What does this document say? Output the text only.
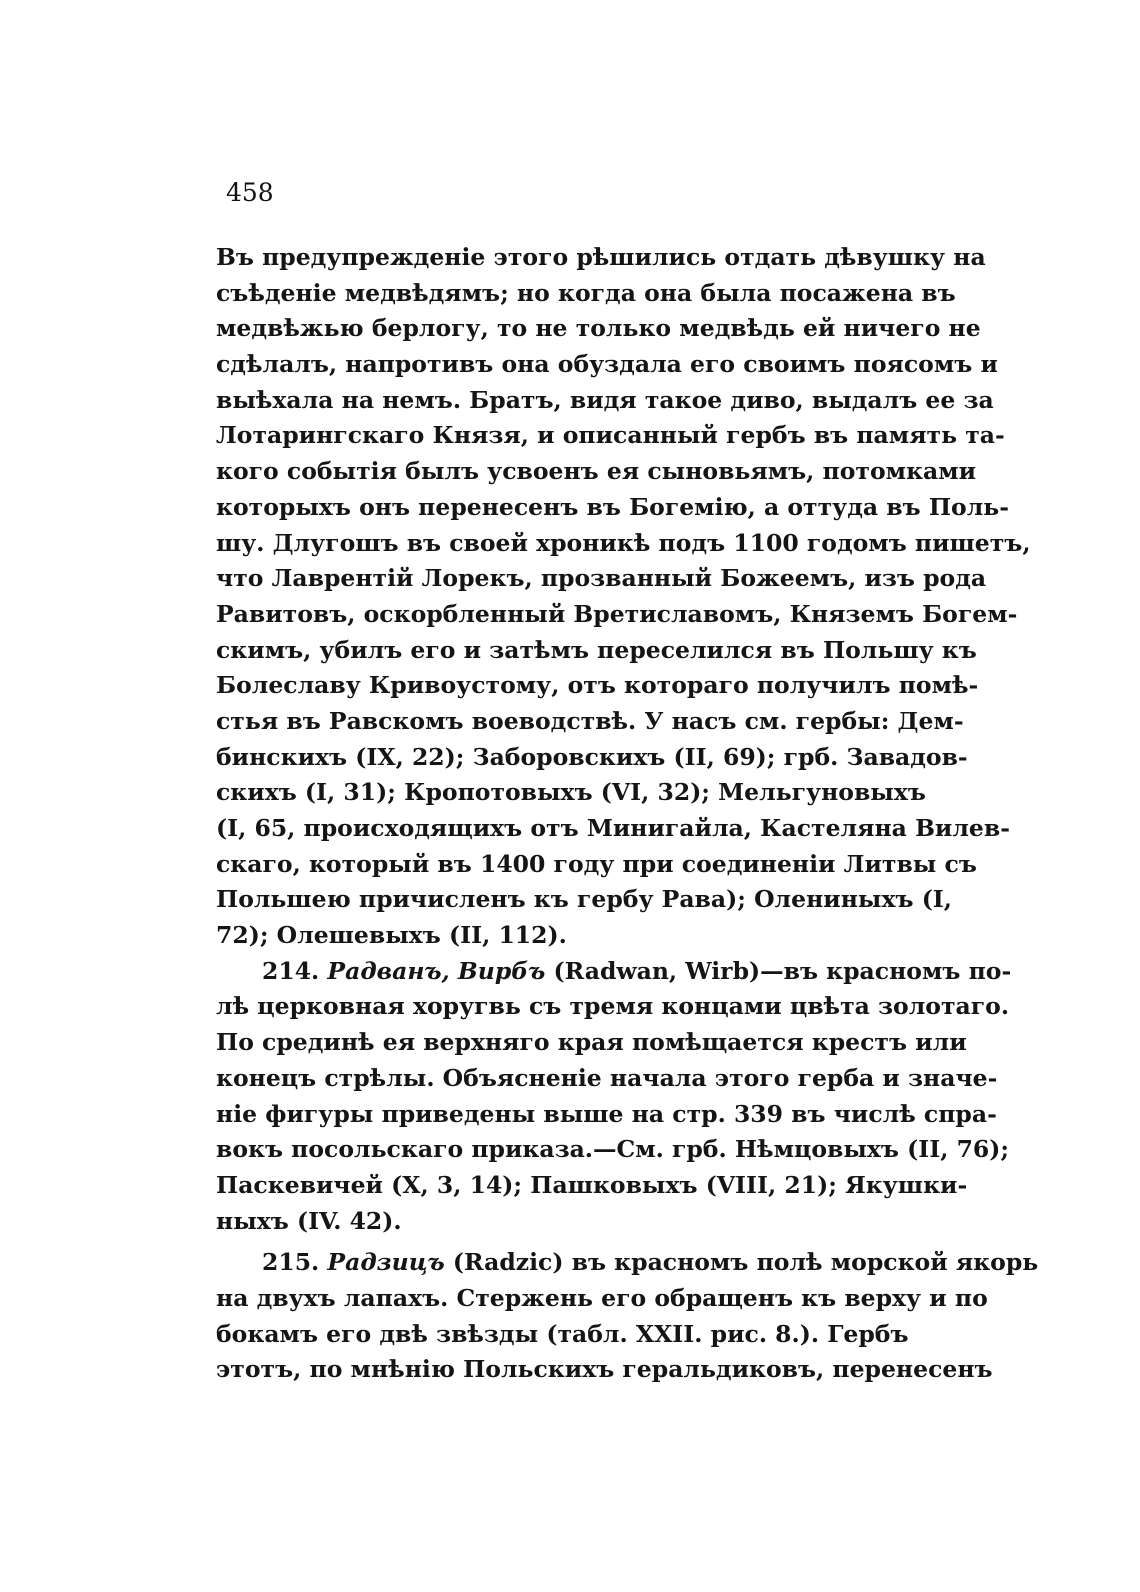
458
Въ предупрежденіе этого рѣшились отдать дѣвушку на
съѣденіе медвѣдямъ; но когда она была посажена въ
медвѣжью берлогу, то не только медвѣдь ей ничего не
сдѣлалъ, напротивъ она обуздала его своимъ поясомъ и
выѣхала на немъ. Братъ, видя такое диво, выдалъ ее за
Лотарингскаго Князя, и описанный гербъ въ память та-
кого событія былъ усвоенъ ея сыновьямъ, потомками
которыхъ онъ перенесенъ въ Богемію, а оттуда въ Поль-
шу. Длугошъ въ своей хроникѣ подъ 1100 годомъ пишетъ,
что Лаврентій Лорекъ, прозванный Божеемъ, изъ рода
Равитовъ, оскорбленный Вретиславомъ, Княземъ Богем-
скимъ, убилъ его и затѣмъ переселился въ Польшу къ
Болеславу Кривоустому, отъ котораго получилъ помѣ-
стья въ Равскомъ воеводствѣ. У насъ см. гербы: Дем-
бинскихъ (IX, 22); Заборовскихъ (II, 69); грб. Завадов-
скихъ (I, 31); Кропотовыхъ (VI, 32); Мельгуновыхъ
(I, 65, происходящихъ отъ Минигайла, Кастеляна Вилев-
скаго, который въ 1400 году при соединеніи Литвы съ
Польшею причисленъ къ гербу Рава); Олениныхъ (I,
72); Олешевыхъ (II, 112).
214. Радванъ, Вирбъ (Radwan, Wirb)—въ красномъ по-
лѣ церковная хоругвь съ тремя концами цвѣта золотаго.
По срединѣ ея верхняго края помѣщается крестъ или
конецъ стрѣлы. Объясненіе начала этого герба и значе-
ніе фигуры приведены выше на стр. 339 въ числѣ спра-
вокъ посольскаго приказа.—См. грб. Нѣмцовыхъ (II, 76);
Паскевичей (X, 3, 14); Пашковыхъ (VIII, 21); Якушки-
ныхъ (IV. 42).
215. Радзицъ (Radzic) въ красномъ полѣ морской якорь
на двухъ лапахъ. Стержень его обращенъ къ верху и по
бокамъ его двѣ звѣзды (табл. XXII. рис. 8.). Гербъ
этотъ, по мнѣнію Польскихъ геральдиковъ, перенесенъ
